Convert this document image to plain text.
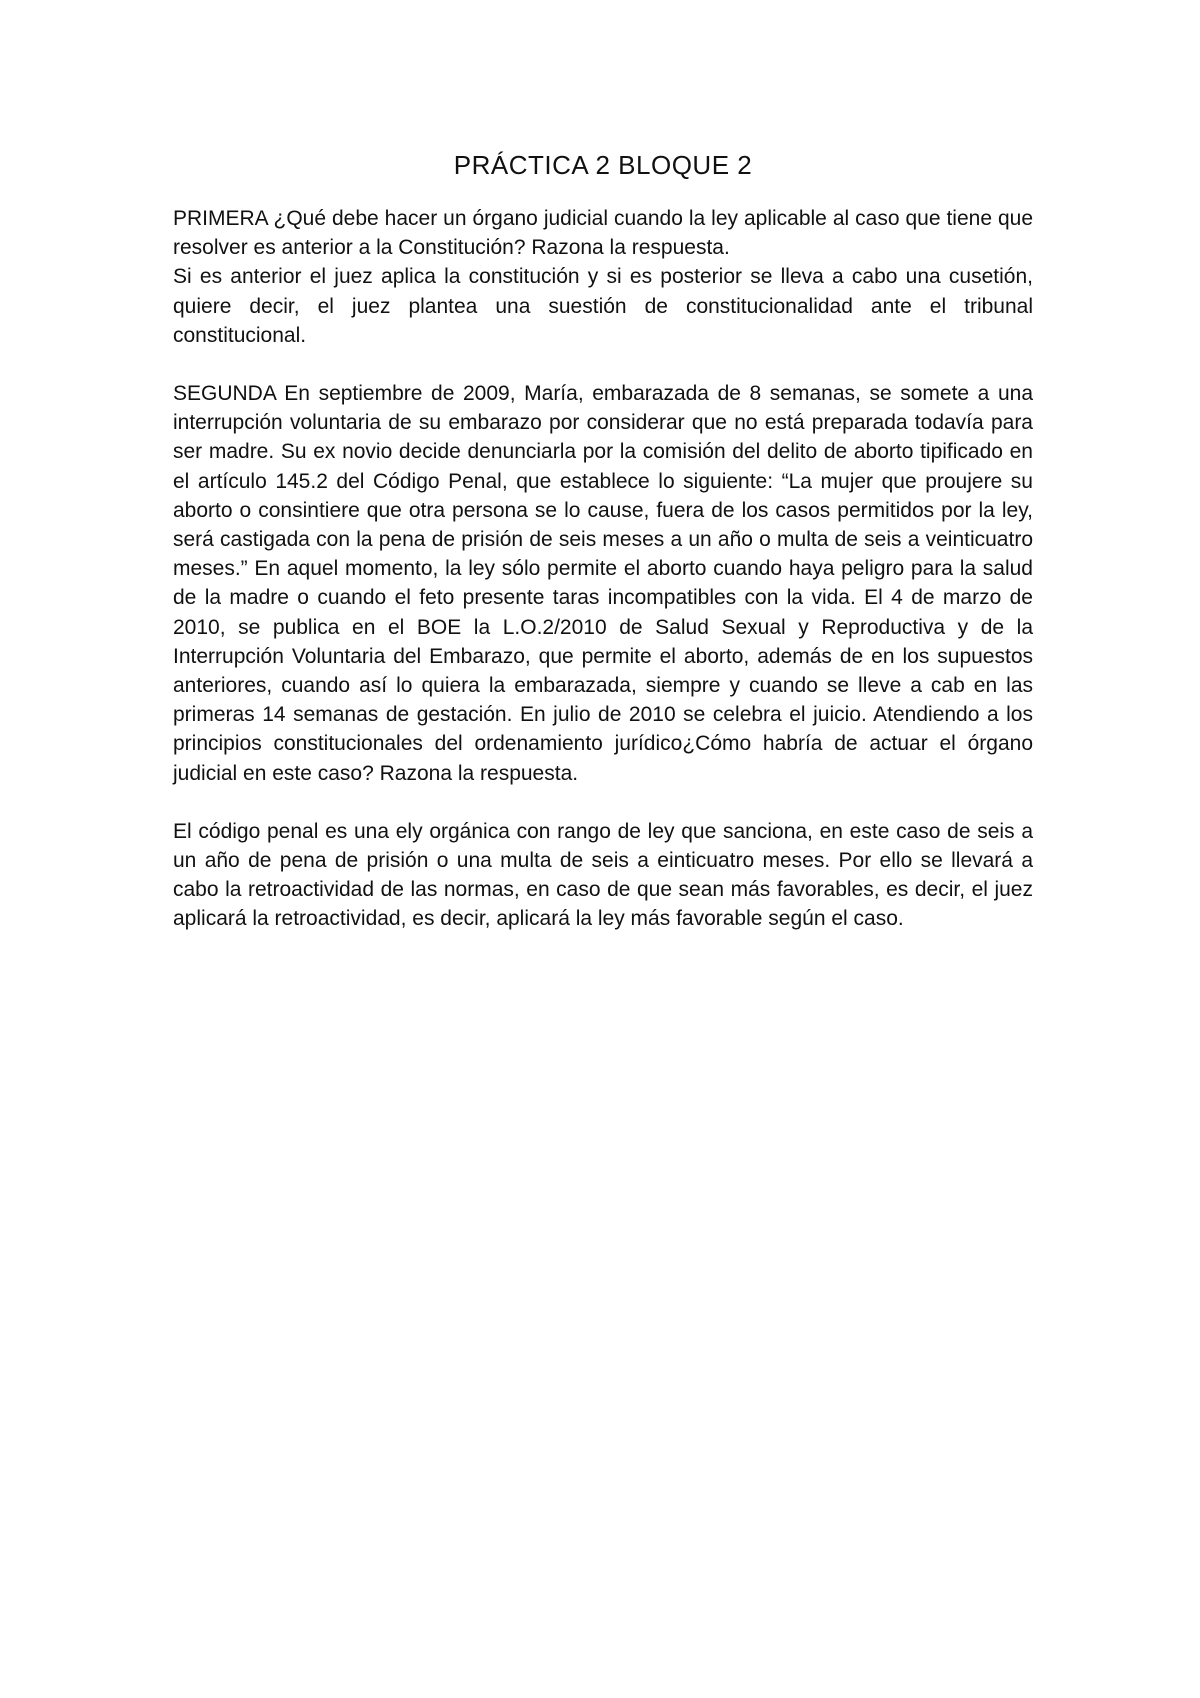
PRÁCTICA 2 BLOQUE 2

PRIMERA ¿Qué debe hacer un órgano judicial cuando la ley aplicable al caso que tiene que resolver es anterior a la Constitución? Razona la respuesta.

Si es anterior el juez aplica la constitución y si es posterior se lleva a cabo una cusetión, quiere decir, el juez plantea una suestión de constitucionalidad ante el tribunal constitucional.

SEGUNDA En septiembre de 2009, María, embarazada de 8 semanas, se somete a una interrupción voluntaria de su embarazo por considerar que no está preparada todavía para ser madre. Su ex novio decide denunciarla por la comisión del delito de aborto tipificado en el artículo 145.2 del Código Penal, que establece lo siguiente: “La mujer que proujere su aborto o consintiere que otra persona se lo cause, fuera de los casos permitidos por la ley, será castigada con la pena de prisión de seis meses a un año o multa de seis a veinticuatro meses.” En aquel momento, la ley sólo permite el aborto cuando haya peligro para la salud de la madre o cuando el feto presente taras incompatibles con la vida. El 4 de marzo de 2010, se publica en el BOE la L.O.2/2010 de Salud Sexual y Reproductiva y de la Interrupción Voluntaria del Embarazo, que permite el aborto, además de en los supuestos anteriores, cuando así lo quiera la embarazada, siempre y cuando se lleve a cab en las primeras 14 semanas de gestación. En julio de 2010 se celebra el juicio. Atendiendo a los principios constitucionales del ordenamiento jurídico¿Cómo habría de actuar el órgano judicial en este caso? Razona la respuesta.

El código penal es una ely orgánica con rango de ley que sanciona, en este caso de seis a un año de pena de prisión o una multa de seis a einticuatro meses. Por ello se llevará a cabo la retroactividad de las normas, en caso de que sean más favorables, es decir, el juez aplicará la retroactividad, es decir, aplicará la ley más favorable según el caso.
